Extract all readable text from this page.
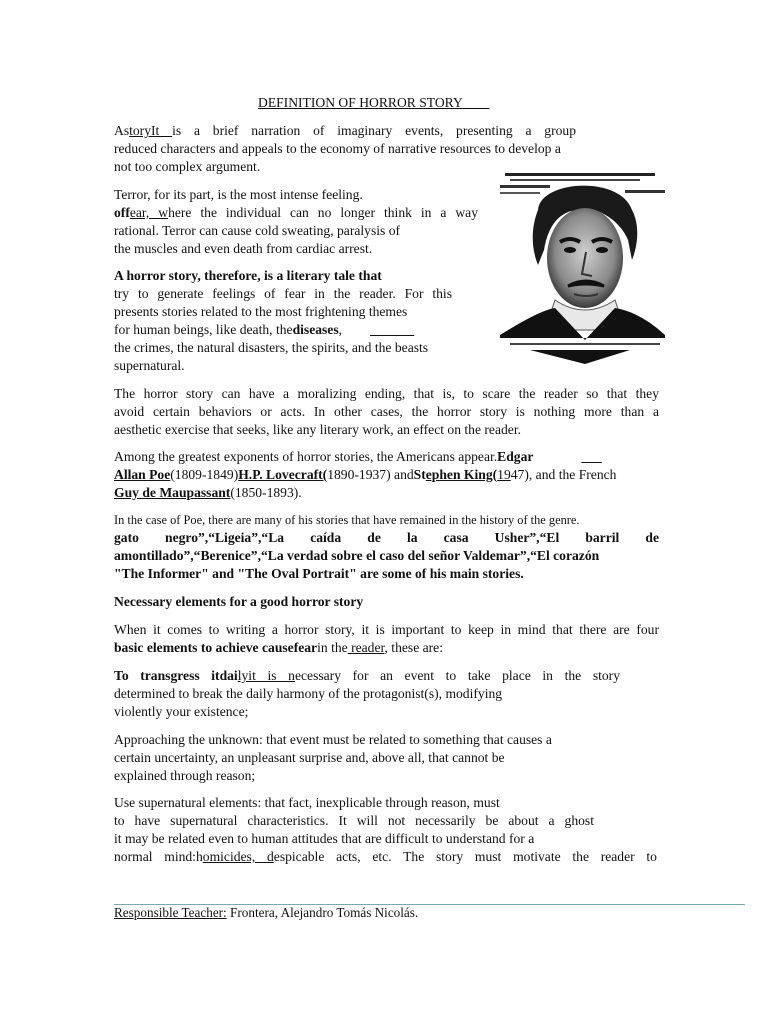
DEFINITION OF HORROR STORY
AstoryIt is a brief narration of imaginary events, presenting a group
reduced characters and appeals to the economy of narrative resources to develop a
not too complex argument.
Terror, for its part, is the most intense feeling.
offear, where the individual can no longer think in a way
rational. Terror can cause cold sweating, paralysis of
the muscles and even death from cardiac arrest.
A horror story, therefore, is a literary tale that
try to generate feelings of fear in the reader. For this
presents stories related to the most frightening themes
for human beings, like death, thediseases,
the crimes, the natural disasters, the spirits, and the beasts
supernatural.
The horror story can have a moralizing ending, that is, to scare the reader so that they
avoid certain behaviors or acts. In other cases, the horror story is nothing more than a
aesthetic exercise that seeks, like any literary work, an effect on the reader.
Among the greatest exponents of horror stories, the Americans appear.Edgar
Allan Poe(1809-1849)H.P. Lovecraft(1890-1937) andStephen King(1947), and the French
Guy de Maupassant(1850-1893).
In the case of Poe, there are many of his stories that have remained in the history of the genre.
gato negro”,“Ligeia”,“La caída de la casa Usher”,“El barril de
amontillado”,“Berenice”,“La verdad sobre el caso del señor Valdemar”,“El corazón
"The Informer" and "The Oval Portrait" are some of his main stories.
Necessary elements for a good horror story
When it comes to writing a horror story, it is important to keep in mind that there are four
basic elements to achieve causefearin the reader, these are:
To transgress itdailyit is necessary for an event to take place in the story
determined to break the daily harmony of the protagonist(s), modifying
violently your existence;
Approaching the unknown: that event must be related to something that causes a
certain uncertainty, an unpleasant surprise and, above all, that cannot be
explained through reason;
Use supernatural elements: that fact, inexplicable through reason, must
to have supernatural characteristics. It will not necessarily be about a ghost
it may be related even to human attitudes that are difficult to understand for a
normal mind:homicides, despicable acts, etc. The story must motivate the reader to
Responsible Teacher: Frontera, Alejandro Tomás Nicolás.
